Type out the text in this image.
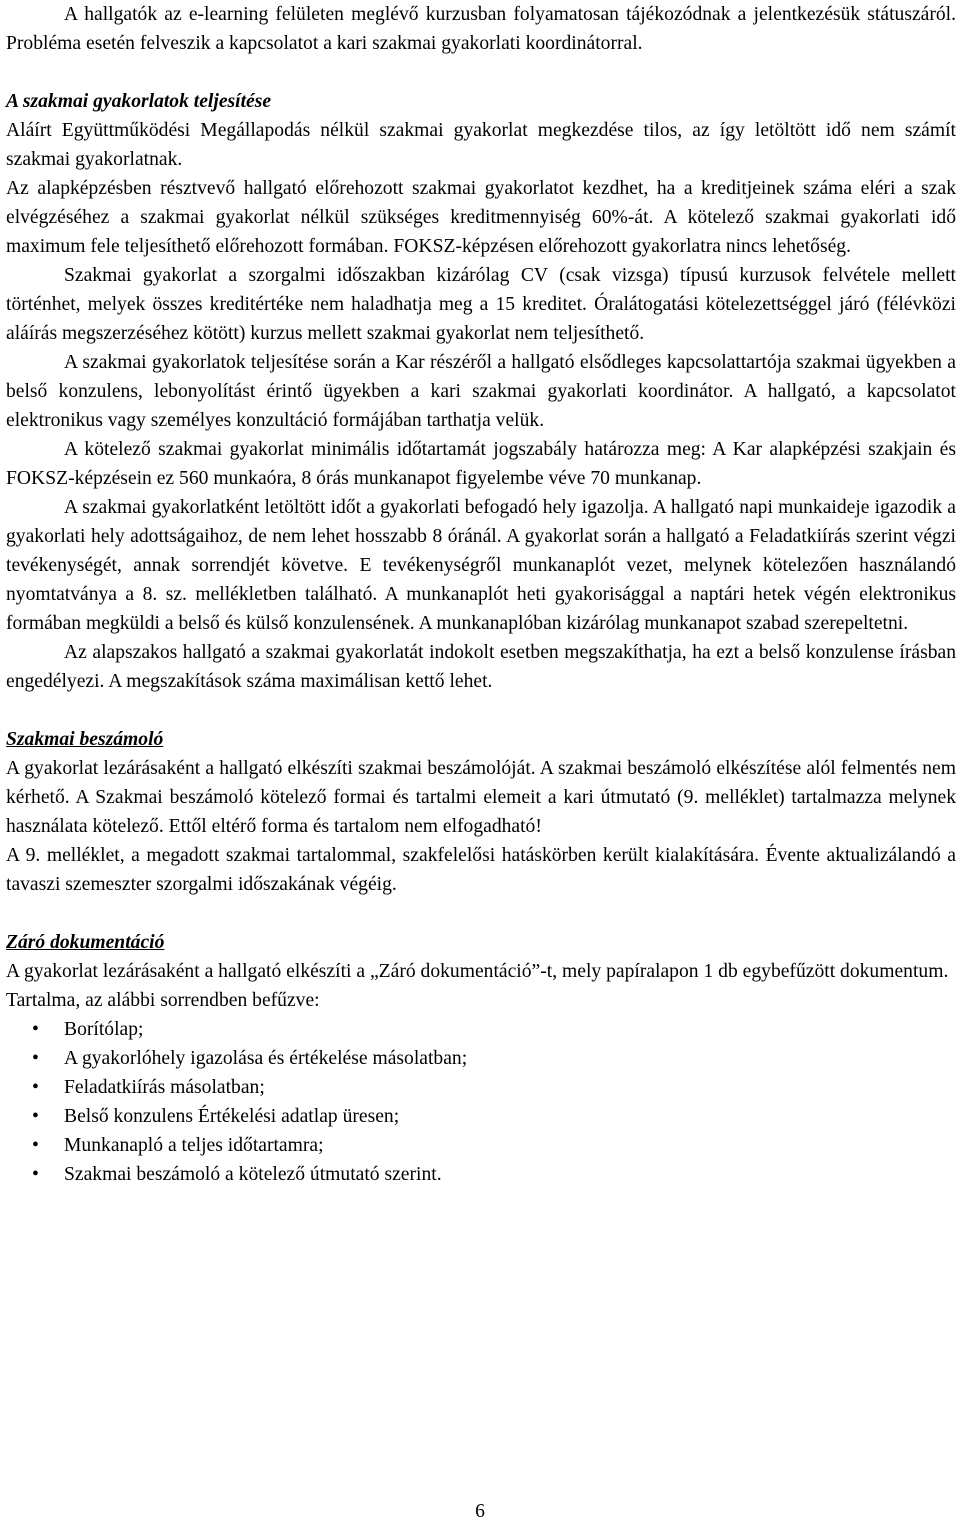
A hallgatók az e-learning felületen meglévő kurzusban folyamatosan tájékozódnak a jelentkezésük státuszáról. Probléma esetén felveszik a kapcsolatot a kari szakmai gyakorlati koordinátorral.

A szakmai gyakorlatok teljesítése

Aláírt Együttműködési Megállapodás nélkül szakmai gyakorlat megkezdése tilos, az így letöltött idő nem számít szakmai gyakorlatnak.

Az alapképzésben résztvevő hallgató előrehozott szakmai gyakorlatot kezdhet, ha a kreditjeinek száma eléri a szak elvégzéséhez a szakmai gyakorlat nélkül szükséges kreditmennyiség 60%-át. A kötelező szakmai gyakorlati idő maximum fele teljesíthető előrehozott formában. FOKSZ-képzésen előrehozott gyakorlatra nincs lehetőség.

Szakmai gyakorlat a szorgalmi időszakban kizárólag CV (csak vizsga) típusú kurzusok felvétele mellett történhet, melyek összes kreditértéke nem haladhatja meg a 15 kreditet. Óralátogatási kötelezettséggel járó (félévközi aláírás megszerzéséhez kötött) kurzus mellett szakmai gyakorlat nem teljesíthető.

A szakmai gyakorlatok teljesítése során a Kar részéről a hallgató elsődleges kapcsolattartója szakmai ügyekben a belső konzulens, lebonyolítást érintő ügyekben a kari szakmai gyakorlati koordinátor. A hallgató, a kapcsolatot elektronikus vagy személyes konzultáció formájában tarthatja velük.

A kötelező szakmai gyakorlat minimális időtartamát jogszabály határozza meg: A Kar alapképzési szakjain és FOKSZ-képzésein ez 560 munkaóra, 8 órás munkanapot figyelembe véve 70 munkanap.

A szakmai gyakorlatként letöltött időt a gyakorlati befogadó hely igazolja. A hallgató napi munkaideje igazodik a gyakorlati hely adottságaihoz, de nem lehet hosszabb 8 óránál. A gyakorlat során a hallgató a Feladatkiírás szerint végzi tevékenységét, annak sorrendjét követve. E tevékenységről munkanaplót vezet, melynek kötelezően használandó nyomtatványa a 8. sz. mellékletben található. A munkanaplót heti gyakorisággal a naptári hetek végén elektronikus formában megküldi a belső és külső konzulensének. A munkanaplóban kizárólag munkanapot szabad szerepeltetni.

Az alapszakos hallgató a szakmai gyakorlatát indokolt esetben megszakíthatja, ha ezt a belső konzulense írásban engedélyezi. A megszakítások száma maximálisan kettő lehet.

Szakmai beszámoló

A gyakorlat lezárásaként a hallgató elkészíti szakmai beszámolóját. A szakmai beszámoló elkészítése alól felmentés nem kérhető. A Szakmai beszámoló kötelező formai és tartalmi elemeit a kari útmutató (9. melléklet) tartalmazza melynek használata kötelező. Ettől eltérő forma és tartalom nem elfogadható!

A 9. melléklet, a megadott szakmai tartalommal, szakfelelősi hatáskörben került kialakítására. Évente aktualizálandó a tavaszi szemeszter szorgalmi időszakának végéig.

Záró dokumentáció

A gyakorlat lezárásaként a hallgató elkészíti a „Záró dokumentáció”-t, mely papíralapon 1 db egybefűzött dokumentum.

Tartalma, az alábbi sorrendben befűzve:

• Borítólap;
• A gyakorlóhely igazolása és értékelése másolatban;
• Feladatkiírás másolatban;
• Belső konzulens Értékelési adatlap üresen;
• Munkanapló a teljes időtartamra;
• Szakmai beszámoló a kötelező útmutató szerint.
6
